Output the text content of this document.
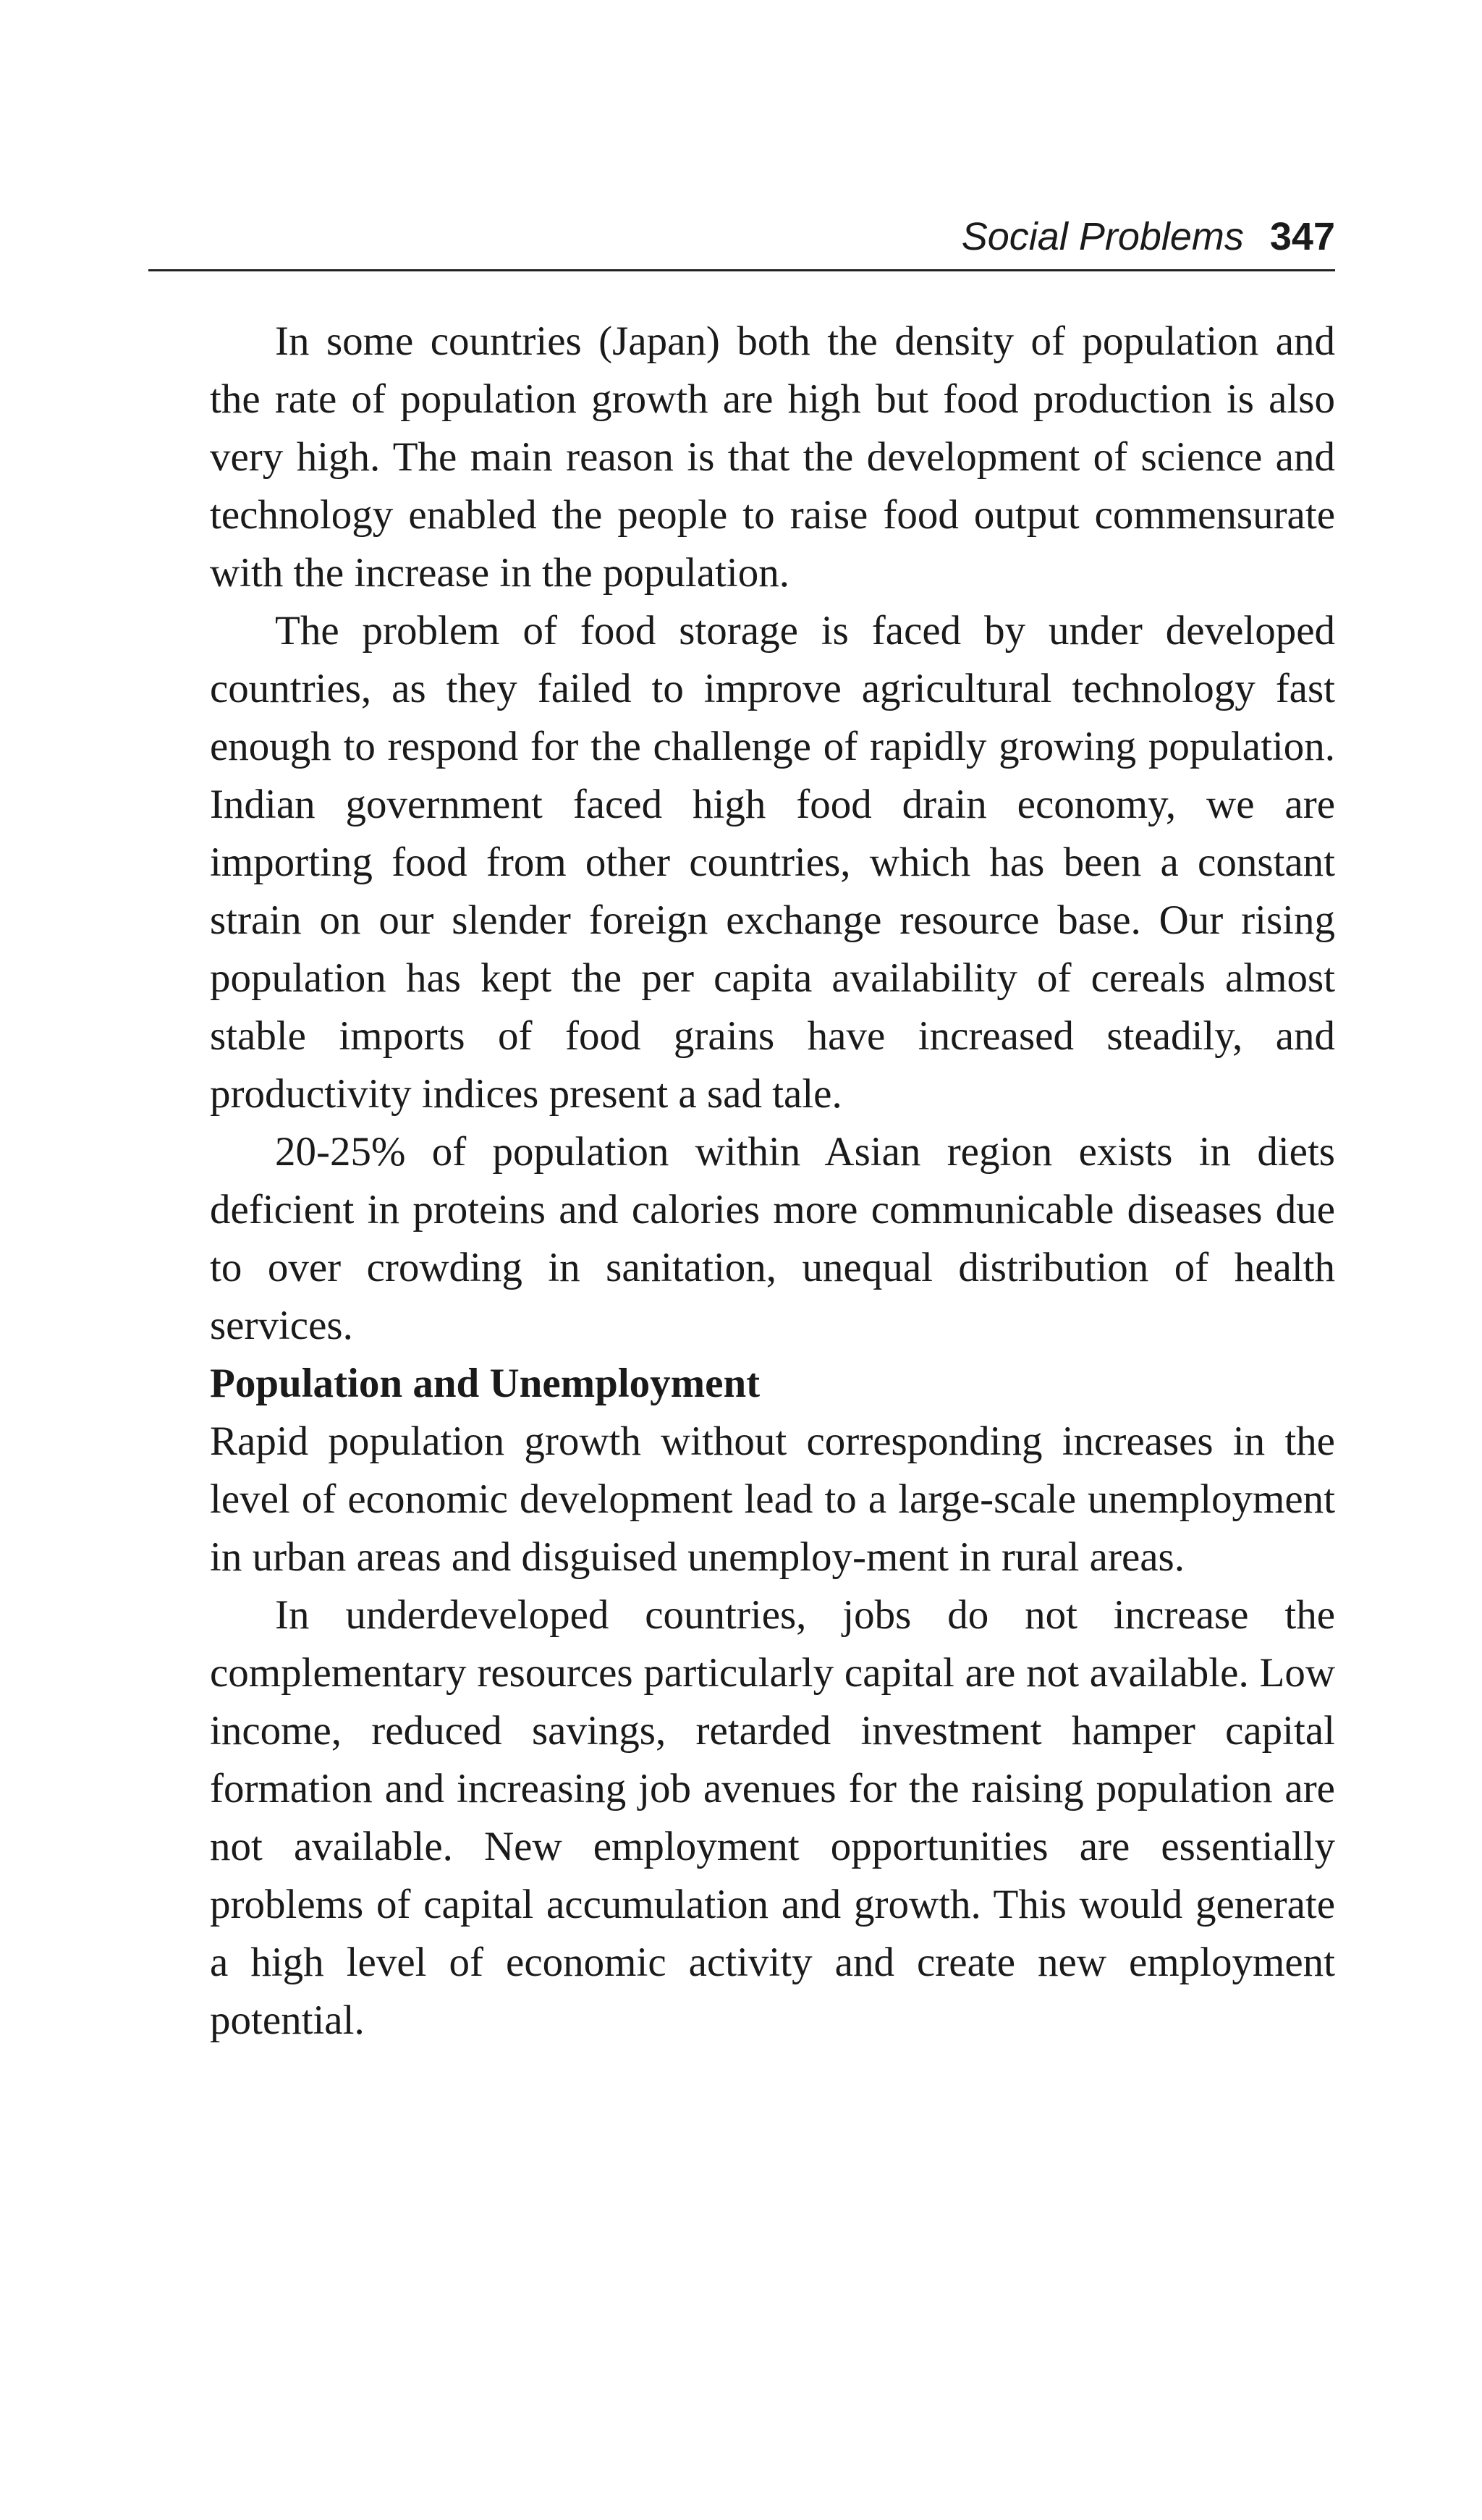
Social Problems 347

In some countries (Japan) both the density of population and the rate of population growth are high but food production is also very high. The main reason is that the development of science and technology enabled the people to raise food output commensurate with the increase in the population.

The problem of food storage is faced by under developed countries, as they failed to improve agricultural technology fast enough to respond for the challenge of rapidly growing population. Indian government faced high food drain economy, we are importing food from other countries, which has been a constant strain on our slender foreign exchange resource base. Our rising population has kept the per capita availability of cereals almost stable imports of food grains have increased steadily, and productivity indices present a sad tale.

20-25% of population within Asian region exists in diets deficient in proteins and calories more communicable diseases due to over crowding in sanitation, unequal distribution of health services.

Population and Unemployment

Rapid population growth without corresponding increases in the level of economic development lead to a large-scale unemployment in urban areas and disguised unemploy-ment in rural areas.

In underdeveloped countries, jobs do not increase the complementary resources particularly capital are not available. Low income, reduced savings, retarded investment hamper capital formation and increasing job avenues for the raising population are not available. New employment opportunities are essentially problems of capital accumulation and growth. This would generate a high level of economic activity and create new employment potential.
